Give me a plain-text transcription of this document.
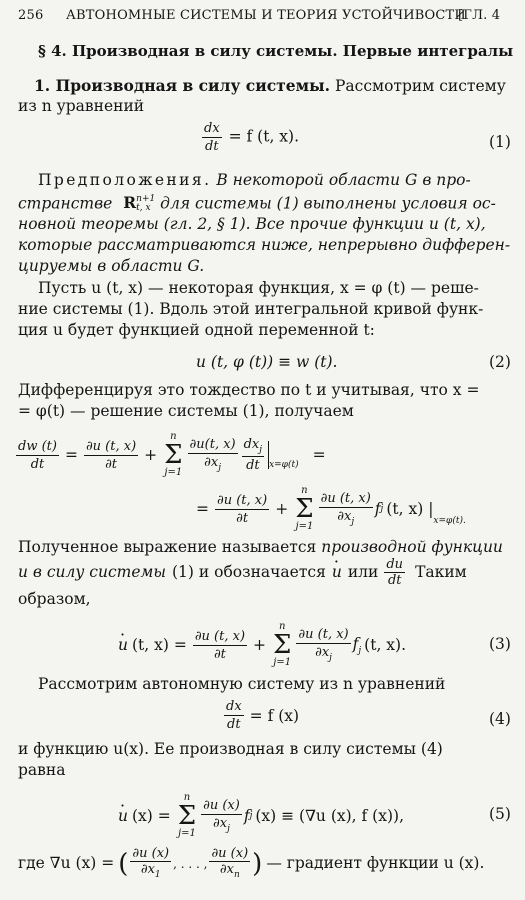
256 АВТОНОМНЫЕ СИСТЕМЫ И ТЕОРИЯ УСТОЙЧИВОСТИ
[ГЛ. 4
§ 4. Производная в силу системы. Первые интегралы
1. Производная в силу системы. Рассмотрим систему
из n уравнений
$\frac{dx}{dt} = f$ (t, x).	(1)
Предположения. В некоторой области G в про-
странстве R n+1
t, x для системы (1) выполнены условия ос-
новной теоремы (гл. 2, § 1). Все прочие функции u (t, x),
которые рассматриваются ниже, непрерывно дифферен-
цируемы в области G.
Пусть u (t, x) — некоторая функция, x = φ (t) — реше-
ние системы (1). Вдоль этой интегральной кривой функ-
ция u будет функцией одной переменной t:
u (t, φ (t)) ≡ w (t).	(2)
Дифференцируя это тождество по t и учитывая, что x =
= φ(t) — решение системы (1), получаем
$\frac{dw (t)}{dt} = \frac{\partial u (t, x)}{\partial t}$ +
n
Σ
j=1
∂u(t, x)
$\partial x_j$
$dx_j$
dt x=φ(t)
=
= $\frac{\partial u (t, x)}{\partial t}$ +
n
Σ
j=1
∂u (t, x)
$\partial x_j$
f j (t, x) |
x=φ(t).
Полученное выражение называется производной функции
и в силу системы (1) и обозначается u · или du
dt Таким
образом,
u · (t, $x) = \frac{\partial u (t, x)}{\partial t}$ +
n
Σ
j=1
∂u (t, x)
$\partial x_j$
$f_j$ (t, x).	(3)
Рассмотрим автономную систему из n уравнений
$\frac{dx}{dt} = f$ (x)	(4)
и функцию u(x). Ее производная в силу системы (4)
равна
u · (x) =
n
Σ
j=1
∂u (x)
$\partial x_j$
f j (x) ≡ (∇u (x), f (x)),	(5)
где ∇u (x) = ( ∂u (x)
$\partial x_1$
, . . . ,
∂u (x)
$\partial x_n$ ) — градиент функции u (x).
